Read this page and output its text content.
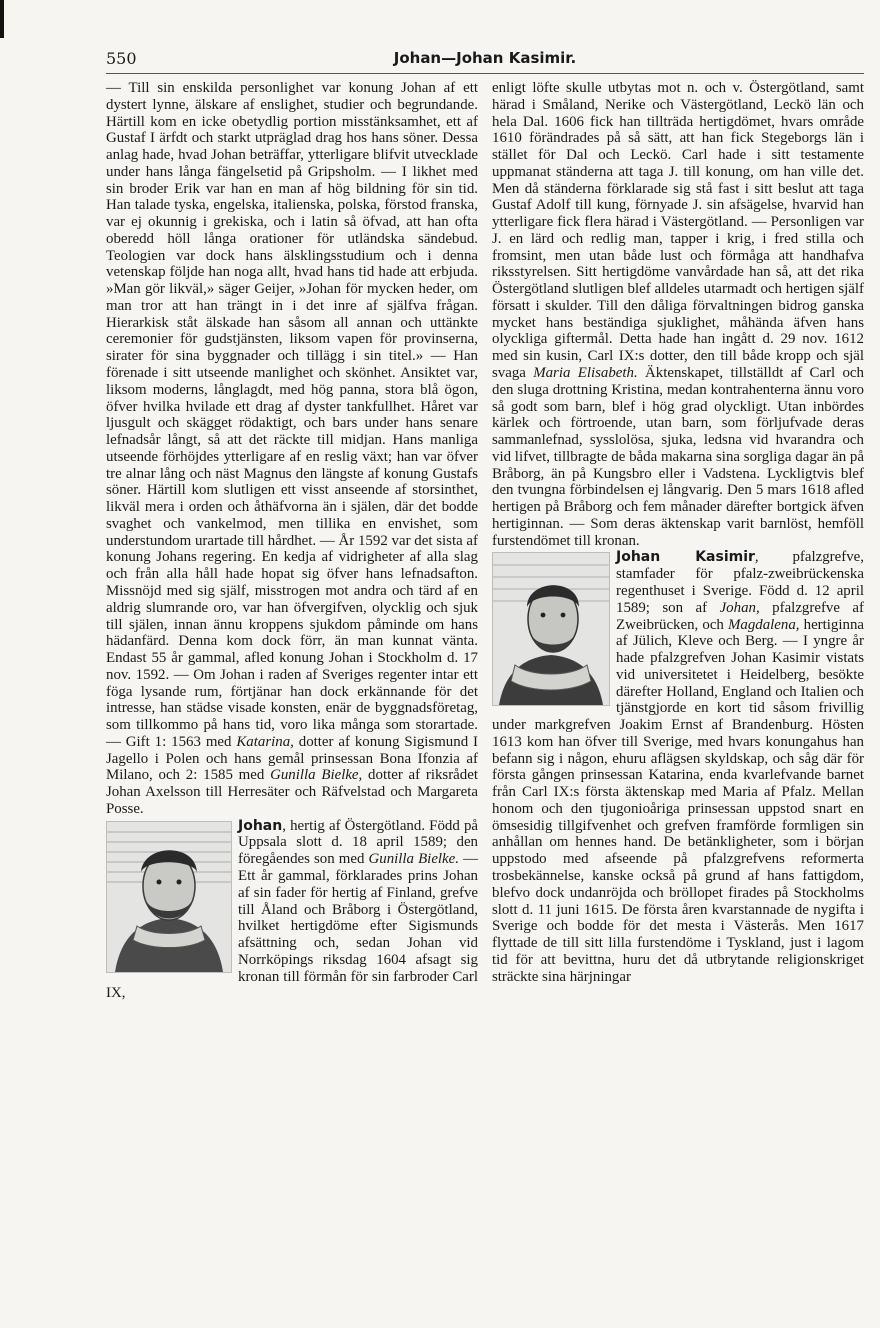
550	Johan—Johan Kasimir.

— Till sin enskilda personlighet var konung Johan af ett dystert lynne, älskare af enslighet, studier och begrundande. Härtill kom en icke obetydlig portion misstänksamhet, ett af Gustaf I ärfdt och starkt utpräglad drag hos hans söner. Dessa anlag hade, hvad Johan beträffar, ytterligare blifvit utvecklade under hans långa fängelsetid på Gripsholm. — I likhet med sin broder Erik var han en man af hög bildning för sin tid. Han talade tyska, engelska, italienska, polska, förstod franska, var ej okunnig i grekiska, och i latin så öfvad, att han ofta oberedd höll långa orationer för utländska sändebud. Teologien var dock hans älsklingsstudium och i denna vetenskap följde han noga allt, hvad hans tid hade att erbjuda. »Man gör likväl,» säger Geijer, »Johan för mycken heder, om man tror att han trängt in i det inre af själfva frågan. Hierarkisk ståt älskade han såsom all annan och uttänkte ceremonier för gudstjänsten, liksom vapen för provinserna, sirater för sina byggnader och tillägg i sin titel.» — Han förenade i sitt utseende manlighet och skönhet. Ansiktet var, liksom moderns, långlagdt, med hög panna, stora blå ögon, öfver hvilka hvilade ett drag af dyster tankfullhet. Håret var ljusgult och skägget rödaktigt, och bars under hans senare lefnadsår långt, så att det räckte till midjan. Hans manliga utseende förhöjdes ytterligare af en reslig växt; han var öfver tre alnar lång och näst Magnus den längste af konung Gustafs söner. Härtill kom slutligen ett visst anseende af storsinthet, likväl mera i orden och åthäfvorna än i själen, där det bodde svaghet och vankelmod, men tillika en envishet, som understundom urartade till hårdhet. — År 1592 var det sista af konung Johans regering. En kedja af vidrigheter af alla slag och från alla håll hade hopat sig öfver hans lefnadsafton. Missnöjd med sig själf, misstrogen mot andra och tärd af en aldrig slumrande oro, var han öfvergifven, olycklig och sjuk till själen, innan ännu kroppens sjukdom påminde om hans hädanfärd. Denna kom dock förr, än man kunnat vänta. Endast 55 år gammal, afled konung Johan i Stockholm d. 17 nov. 1592. — Om Johan i raden af Sveriges regenter intar ett föga lysande rum, förtjänar han dock erkännande för det intresse, han städse visade konsten, enär de byggnadsföretag, som tillkommo på hans tid, voro lika många som storartade. — Gift 1: 1563 med Katarina, dotter af konung Sigismund I Jagello i Polen och hans gemål prinsessan Bona Ifonzia af Milano, och 2: 1585 med Gunilla Bielke, dotter af riksrådet Johan Axelsson till Herresäter och Räfvelstad och Margareta Posse.

Johan
, hertig af Östergötland. Född på Uppsala slott d. 18 april 1589; den föregåendes son med Gunilla Bielke. — Ett år gammal, förklarades prins Johan af sin fader för hertig af Finland, grefve till Åland och Bråborg i Östergötland, hvilket hertigdöme efter Sigismunds afsättning och, sedan Johan vid Norrköpings riksdag 1604 afsagt sig kronan till förmån för sin farbroder Carl IX,

enligt löfte skulle utbytas mot n. och v. Östergötland, samt härad i Småland, Nerike och Västergötland, Leckö län och hela Dal. 1606 fick han tillträda hertigdömet, hvars område 1610 förändrades på så sätt, att han fick Stegeborgs län i stället för Dal och Leckö. Carl hade i sitt testamente uppmanat ständerna att taga J. till konung, om han ville det. Men då ständerna förklarade sig stå fast i sitt beslut att taga Gustaf Adolf till kung, förnyade J. sin afsägelse, hvarvid han ytterligare fick flera härad i Västergötland. — Personligen var J. en lärd och redlig man, tapper i krig, i fred stilla och fromsint, men utan både lust och förmåga att handhafva riksstyrelsen. Sitt hertigdöme vanvårdade han så, att det rika Östergötland slutligen blef alldeles utarmadt och hertigen själf försatt i skulder. Till den dåliga förvaltningen bidrog ganska mycket hans beständiga sjuklighet, måhända äfven hans olyckliga giftermål. Detta hade han ingått d. 29 nov. 1612 med sin kusin, Carl IX:s dotter, den till både kropp och själ svaga Maria Elisabeth. Äktenskapet, tillställdt af Carl och den sluga drottning Kristina, medan kontrahenterna ännu voro så godt som barn, blef i hög grad olyckligt. Utan inbördes kärlek och förtroende, utan barn, som förljufvade deras sammanlefnad, sysslolösa, sjuka, ledsna vid hvarandra och vid lifvet, tillbragte de båda makarna sina sorgliga dagar än på Bråborg, än på Kungsbro eller i Vadstena. Lyckligtvis blef den tvungna förbindelsen ej långvarig. Den 5 mars 1618 afled hertigen på Bråborg och fem månader därefter bortgick äfven hertiginnan. — Som deras äktenskap varit barnlöst, hemföll furstendömet till kronan.

Johan Kasimir
, pfalzgrefve, stamfader för pfalz-zweibrückenska regenthuset i Sverige. Född d. 12 april 1589; son af Johan, pfalzgrefve af Zweibrücken, och Magdalena, hertiginna af Jülich, Kleve och Berg. — I yngre år hade pfalzgrefven Johan Kasimir vistats vid universitetet i Heidelberg, besökte därefter Holland, England och Italien och tjänstgjorde en kort tid såsom frivillig under markgrefven Joakim Ernst af Brandenburg. Hösten 1613 kom han öfver till Sverige, med hvars konungahus han befann sig i någon, ehuru aflägsen skyldskap, och såg där för första gången prinsessan Katarina, enda kvarlefvande barnet från Carl IX:s första äktenskap med Maria af Pfalz. Mellan honom och den tjugonioåriga prinsessan uppstod snart en ömsesidig tillgifvenhet och grefven framförde formligen sin anhållan om hennes hand. De betänkligheter, som i början uppstodo med afseende på pfalzgrefvens reformerta trosbekännelse, kanske också på grund af hans fattigdom, blefvo dock undanröjda och bröllopet firades på Stockholms slott d. 11 juni 1615. De första åren kvarstannade de nygifta i Sverige och bodde för det mesta i Västerås. Men 1617 flyttade de till sitt lilla furstendöme i Tyskland, just i lagom tid för att bevittna, huru det då utbrytande religionskriget sträckte sina härjningar
